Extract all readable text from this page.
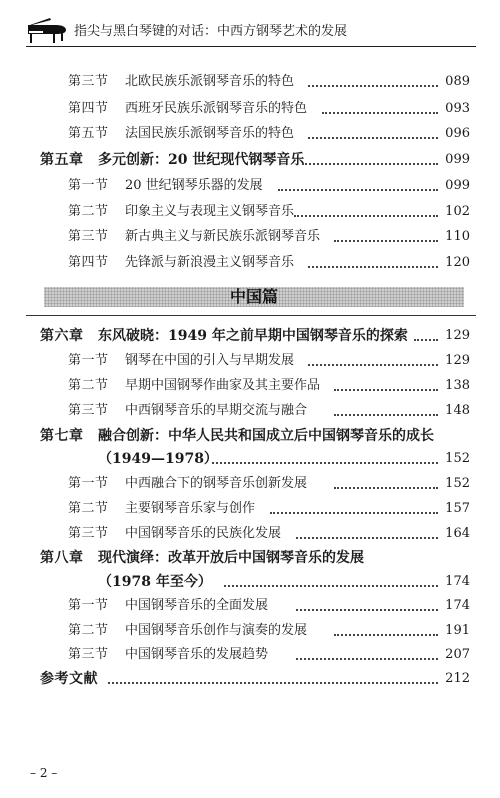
指尖与黑白琴键的对话：中西方钢琴艺术的发展
第三节 北欧民族乐派钢琴音乐的特色	089
第四节 西班牙民族乐派钢琴音乐的特色	093
第五节 法国民族乐派钢琴音乐的特色	096
第五章 多元创新：20 世纪现代钢琴音乐	099
第一节 20 世纪钢琴乐器的发展	099
第二节 印象主义与表现主义钢琴音乐	102
第三节 新古典主义与新民族乐派钢琴音乐	110
第四节 先锋派与新浪漫主义钢琴音乐	120
中国篇
第六章 东风破晓：1949 年之前早期中国钢琴音乐的探索	129
第一节 钢琴在中国的引入与早期发展	129
第二节 早期中国钢琴作曲家及其主要作品	138
第三节 中西钢琴音乐的早期交流与融合	148
第七章 融合创新：中华人民共和国成立后中国钢琴音乐的成长
（1949—1978）	152
第一节 中西融合下的钢琴音乐创新发展	152
第二节 主要钢琴音乐家与创作	157
第三节 中国钢琴音乐的民族化发展	164
第八章 现代演绎：改革开放后中国钢琴音乐的发展
（1978 年至今）	174
第一节 中国钢琴音乐的全面发展	174
第二节 中国钢琴音乐创作与演奏的发展	191
第三节 中国钢琴音乐的发展趋势	207
参考文献	212
– 2 –
